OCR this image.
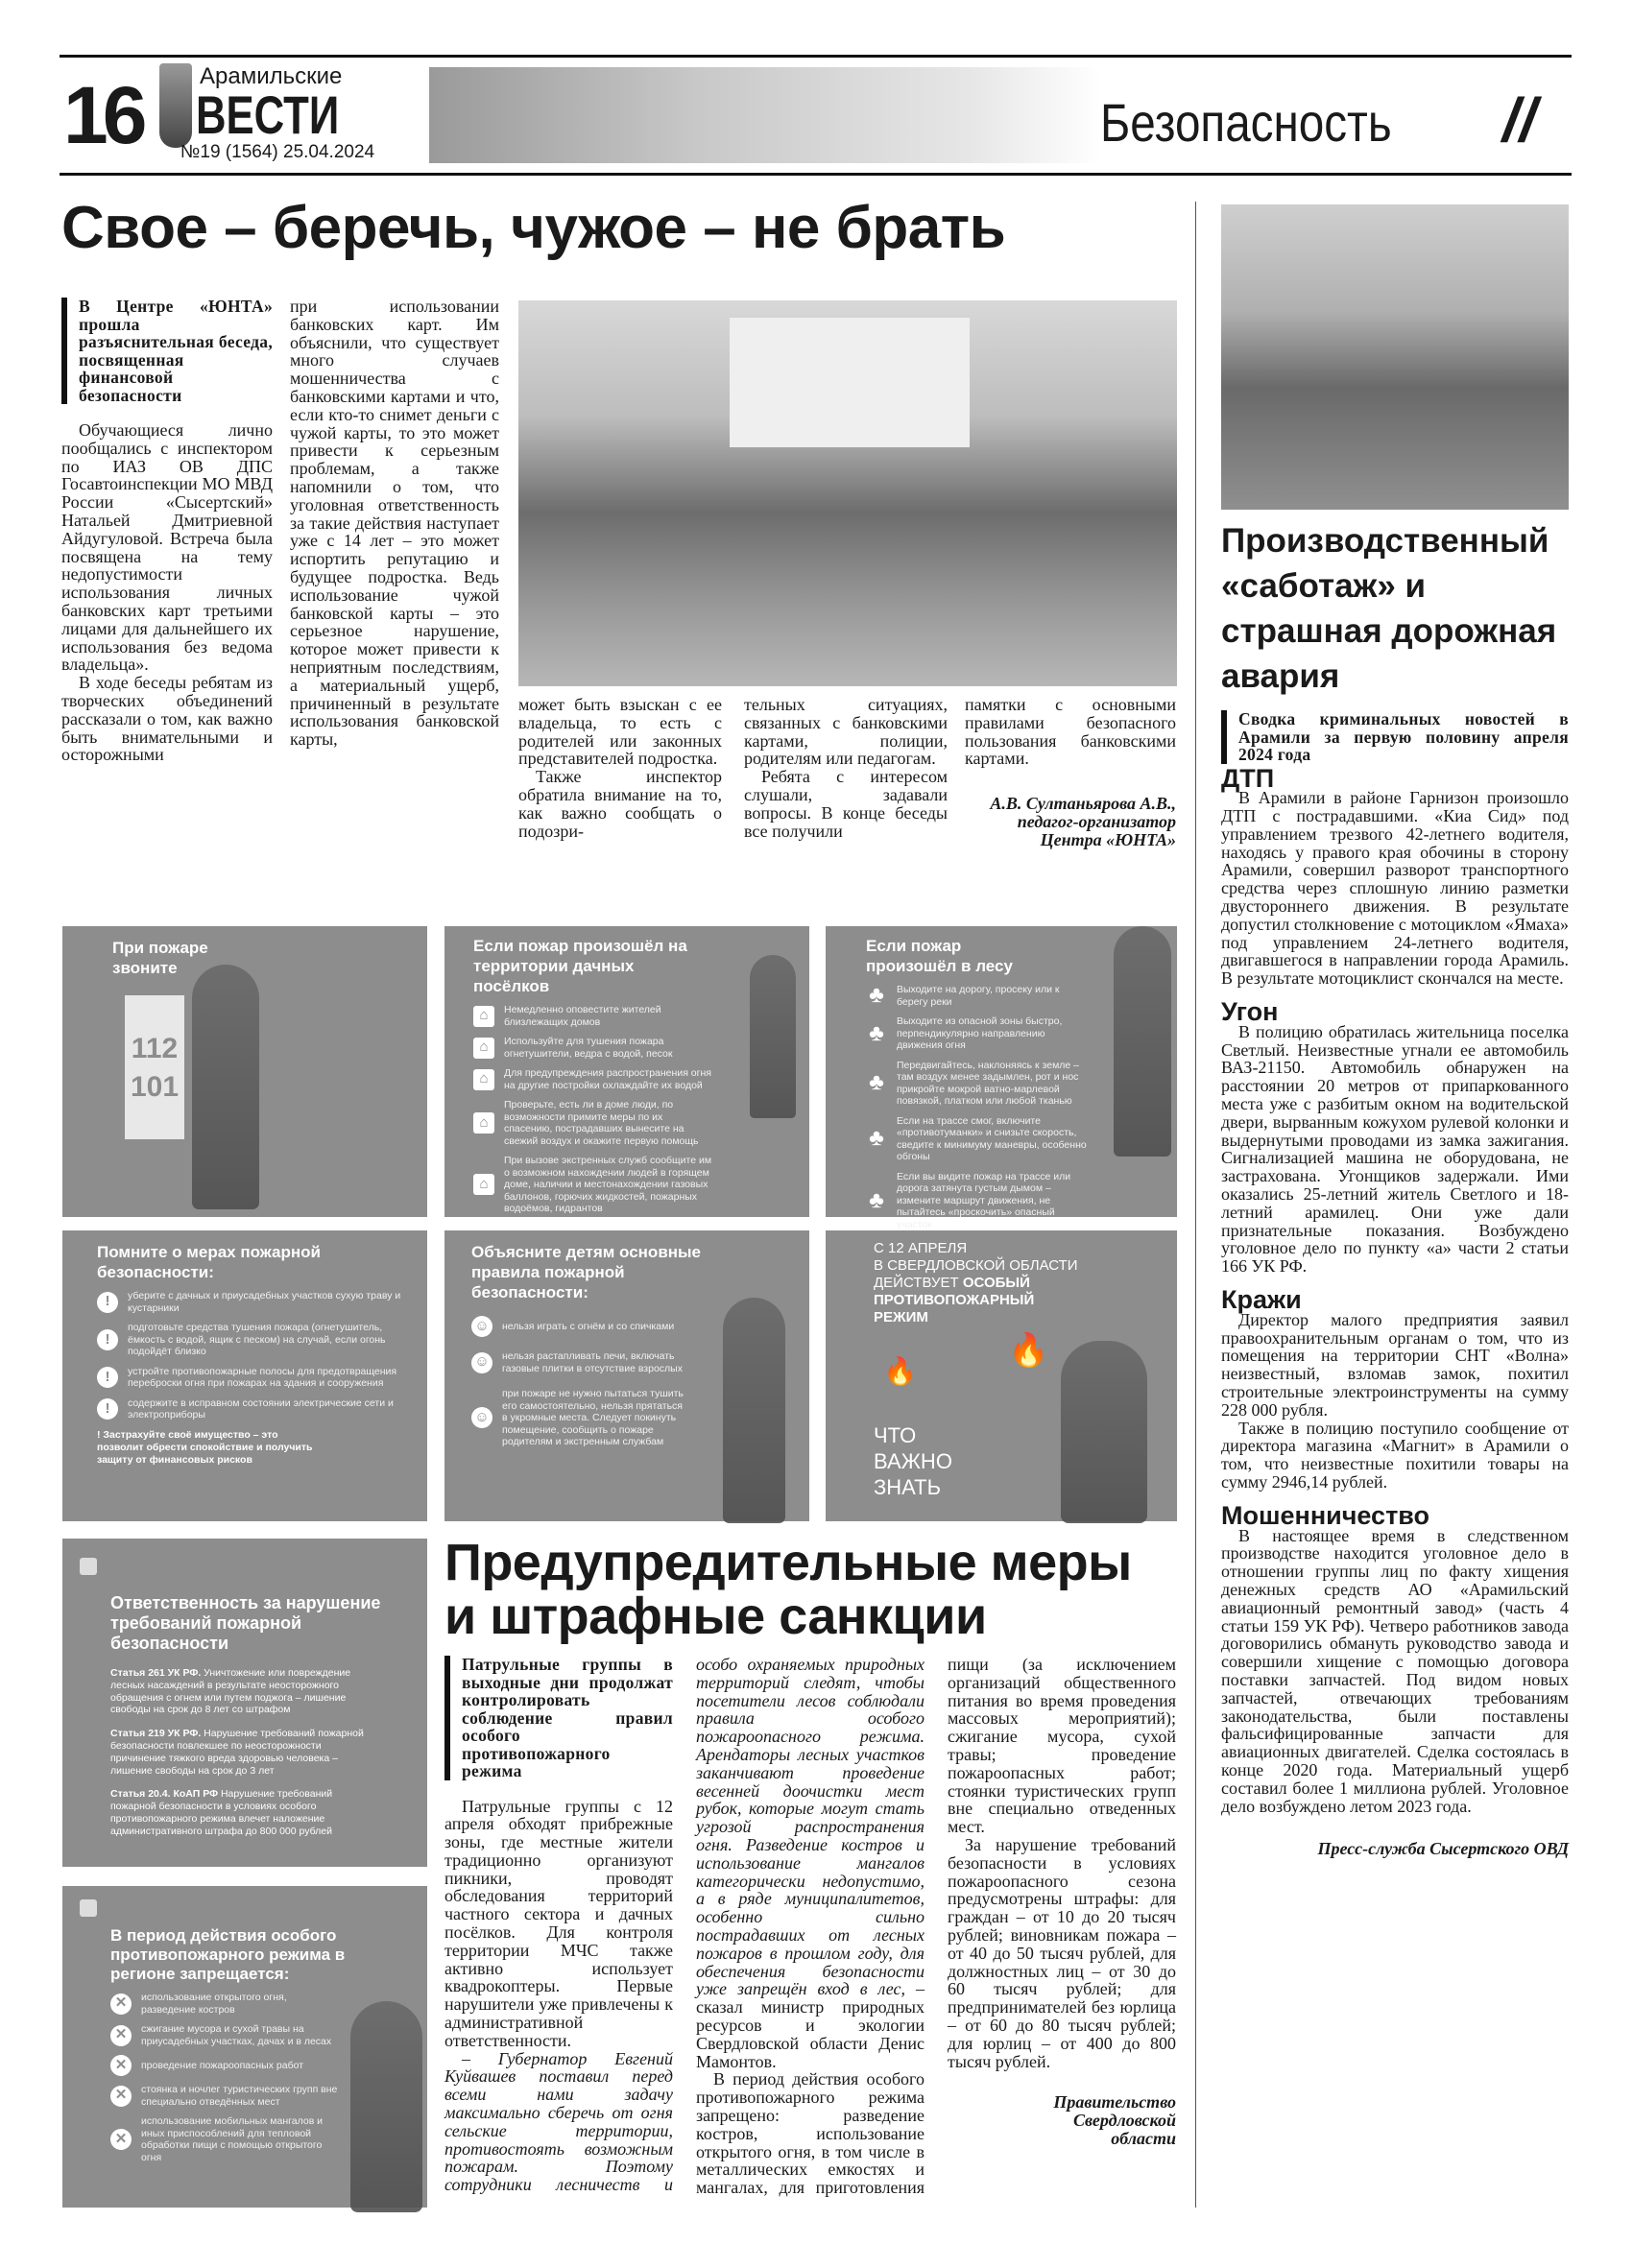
16	Арамильские
ВЕСТИ
№19 (1564) 25.04.2024	Безопасность //
Свое – беречь, чужое – не брать
В Центре «ЮНТА» прошла разъяснительная беседа, посвященная финансовой безопасности

Обучающиеся лично пообщались с инспектором по ИАЗ ОВ ДПС Госавтоинспекции МО МВД России «Сысертский» Натальей Дмитриевной Айдугуловой. Встреча была посвящена на тему недопустимости использования личных банковских карт третьими лицами для дальнейшего их использования без ведома владельца».

В ходе беседы ребятам из творческих объединений рассказали о том, как важно быть внимательными и осторожными

при использовании банковских карт. Им объяснили, что существует много случаев мошенничества с банковскими картами и что, если кто-то снимет деньги с чужой карты, то это может привести к серьезным проблемам, а также напомнили о том, что уголовная ответственность за такие действия наступает уже с 14 лет – это может испортить репутацию и будущее подростка. Ведь использование чужой банковской карты – это серьезное нарушение, которое может привести к неприятным последствиям, а материальный ущерб, причиненный в результате использования банковской карты,

может быть взыскан с ее владельца, то есть с родителей или законных представителей подростка.

Также инспектор обратила внимание на то, как важно сообщать о подозри-

тельных ситуациях, связанных с банковскими картами, полиции, родителям или педагогам.

Ребята с интересом слушали, задавали вопросы. В конце беседы все получили

памятки с основными правилами безопасного пользования банковскими картами.

А.В. Султаньярова А.В., педагог-организатор Центра «ЮНТА»
При пожаре звоните
112
101
Если пожар произошёл на территории дачных посёлков
⌂	Немедленно оповестите жителей близлежащих домов
⌂	Используйте для тушения пожара огнетушители, ведра с водой, песок
⌂	Для предупреждения распространения огня на другие постройки охлаждайте их водой
⌂
Проверьте, есть ли в доме люди, по возможности примите меры по их спасению, пострадавших вынесите на свежий воздух и окажите первую помощь
⌂
При вызове экстренных служб сообщите им о возможном нахождении людей в горящем доме, наличии и местонахождении газовых баллонов, горючих жидкостей, пожарных водоёмов, гидрантов
Если пожар произошёл в лесу
♣ Выходите на дорогу, просеку или к берегу реки
♣ Выходите из опасной зоны быстро, перпендикулярно направлению движения огня
♣
Передвигайтесь, наклоняясь к земле – там воздух менее задымлен, рот и нос прикройте мокрой ватно-марлевой повязкой, платком или любой тканью
♣
Если на трассе смог, включите «противотуманки» и снизьте скорость, сведите к минимуму маневры, особенно обгоны
♣
Если вы видите пожар на трассе или дорога затянута густым дымом – измените маршрут движения, не пытайтесь «проскочить» опасный участок
Помните о мерах пожарной безопасности:
!	уберите с дачных и приусадебных участков сухую траву и кустарники
!
подготовьте средства тушения пожара (огнетушитель, ёмкость с водой, ящик с песком) на случай, если огонь подойдёт близко
!	устройте противопожарные полосы для предотвращения переброски огня при пожарах на здания и сооружения
!	содержите в исправном состоянии электрические сети и электроприборы
! Застрахуйте своё имущество – это позволит обрести спокойствие и получить защиту от финансовых рисков
Объясните детям основные правила пожарной безопасности:
☺	нельзя играть с огнём и со спичками
☺	нельзя растапливать печи, включать газовые плитки в отсутствие взрослых
☺
при пожаре не нужно пытаться тушить его самостоятельно, нельзя прятаться в укромные места. Следует покинуть помещение, сообщить о пожаре родителям и экстренным службам
С 12 АПРЕЛЯ
В СВЕРДЛОВСКОЙ ОБЛАСТИ
ДЕЙСТВУЕТ ОСОБЫЙ ПРОТИВОПОЖАРНЫЙ РЕЖИМ
🔥
🔥
ЧТО
ВАЖНО
ЗНАТЬ
Ответственность за нарушение требований пожарной безопасности
Статья 261 УК РФ. Уничтожение или повреждение лесных насаждений в результате неосторожного обращения с огнем или путем поджога – лишение свободы на срок до 8 лет со штрафом
Статья 219 УК РФ. Нарушение требований пожарной безопасности повлекшее по неосторожности причинение тяжкого вреда здоровью человека – лишение свободы на срок до 3 лет
Статья 20.4. КоАП РФ Нарушение требований пожарной безопасности в условиях особого противопожарного режима влечет наложение административного штрафа до 800 000 рублей
В период действия особого противопожарного режима в регионе запрещается:
✕	использование открытого огня, разведение костров
✕	сжигание мусора и сухой травы на приусадебных участках, дачах и в лесах
✕	проведение пожароопасных работ
✕	стоянка и ночлег туристических групп вне специально отведённых мест
✕
использование мобильных мангалов и иных приспособлений для тепловой обработки пищи с помощью открытого огня
Предупредительные меры
и штрафные санкции
Патрульные группы в выходные дни продолжат контролировать соблюдение правил особого противопожарного режима

Патрульные группы с 12 апреля обходят прибрежные зоны, где местные жители традиционно организуют пикники, проводят обследования территорий частного сектора и дачных посёлков. Для контроля территории МЧС также активно использует квадрокоптеры. Первые нарушители уже привлечены к административной ответственности.

– Губернатор Евгений Куйвашев поставил перед всеми нами задачу максимально сберечь от огня сельские территории, противостоять возможным пожарам. Поэтому сотрудники лесничеств и особо охраняемых природных территорий следят, чтобы посетители лесов соблюдали правила особого пожароопасного режима. Арендаторы лесных участков заканчивают проведение весенней доочистки мест рубок, которые могут стать угрозой распространения огня. Разведение костров и использование мангалов категорически недопустимо, а в ряде муниципалитетов, особенно сильно пострадавших от лесных пожаров в прошлом году, для обеспечения безопасности уже запрещён вход в лес, – сказал министр природных ресурсов и экологии Свердловской области Денис Мамонтов.

В период действия особого противопожарного режима запрещено: разведение костров, использование открытого огня, в том числе в металлических емкостях и мангалах, для приготовления пищи (за исключением организаций общественного питания во время проведения массовых мероприятий); сжигание мусора, сухой травы; проведение пожароопасных работ; стоянки туристических групп вне специально отведенных мест.

За нарушение требований безопасности в условиях пожароопасного сезона предусмотрены штрафы: для граждан – от 10 до 20 тысяч рублей; виновникам пожара – от 40 до 50 тысяч рублей, для должностных лиц – от 30 до 60 тысяч рублей; для предпринимателей без юрлица – от 60 до 80 тысяч рублей; для юрлиц – от 400 до 800 тысяч рублей.

Правительство Свердловской области
Производственный «саботаж» и страшная дорожная авария
Сводка криминальных новостей в Арамили за первую половину апреля 2024 года
ДТП

В Арамили в районе Гарнизон произошло ДТП с пострадавшими. «Киа Сид» под управлением трезвого 42-летнего водителя, находясь у правого края обочины в сторону Арамили, совершил разворот транспортного средства через сплошную линию разметки двустороннего движения. В результате допустил столкновение с мотоциклом «Ямаха» под управлением 24-летнего водителя, двигавшегося в направлении города Арамиль. В результате мотоциклист скончался на месте.

Угон

В полицию обратилась жительница поселка Светлый. Неизвестные угнали ее автомобиль ВАЗ-21150. Автомобиль обнаружен на расстоянии 20 метров от припаркованного места уже с разбитым окном на водительской двери, вырванным кожухом рулевой колонки и выдернутыми проводами из замка зажигания. Сигнализацией машина не оборудована, не застрахована. Угонщиков задержали. Ими оказались 25-летний житель Светлого и 18-летний арамилец. Они уже дали признательные показания. Возбуждено уголовное дело по пункту «а» части 2 статьи 166 УК РФ.

Кражи

Директор малого предприятия заявил правоохранительным органам о том, что из помещения на территории СНТ «Волна» неизвестный, взломав замок, похитил строительные электроинструменты на сумму 228 000 рубля.

Также в полицию поступило сообщение от директора магазина «Магнит» в Арамили о том, что неизвестные похитили товары на сумму 2946,14 рублей.

Мошенничество

В настоящее время в следственном производстве находится уголовное дело в отношении группы лиц по факту хищения денежных средств АО «Арамильский авиационный ремонтный завод» (часть 4 статьи 159 УК РФ). Четверо работников завода договорились обмануть руководство завода и совершили хищение с помощью договора поставки запчастей. Под видом новых запчастей, отвечающих требованиям законодательства, были поставлены фальсифицированные запчасти для авиационных двигателей. Сделка состоялась в конце 2020 года. Материальный ущерб составил более 1 миллиона рублей. Уголовное дело возбуждено летом 2023 года.

Пресс-служба Сысертского ОВД
